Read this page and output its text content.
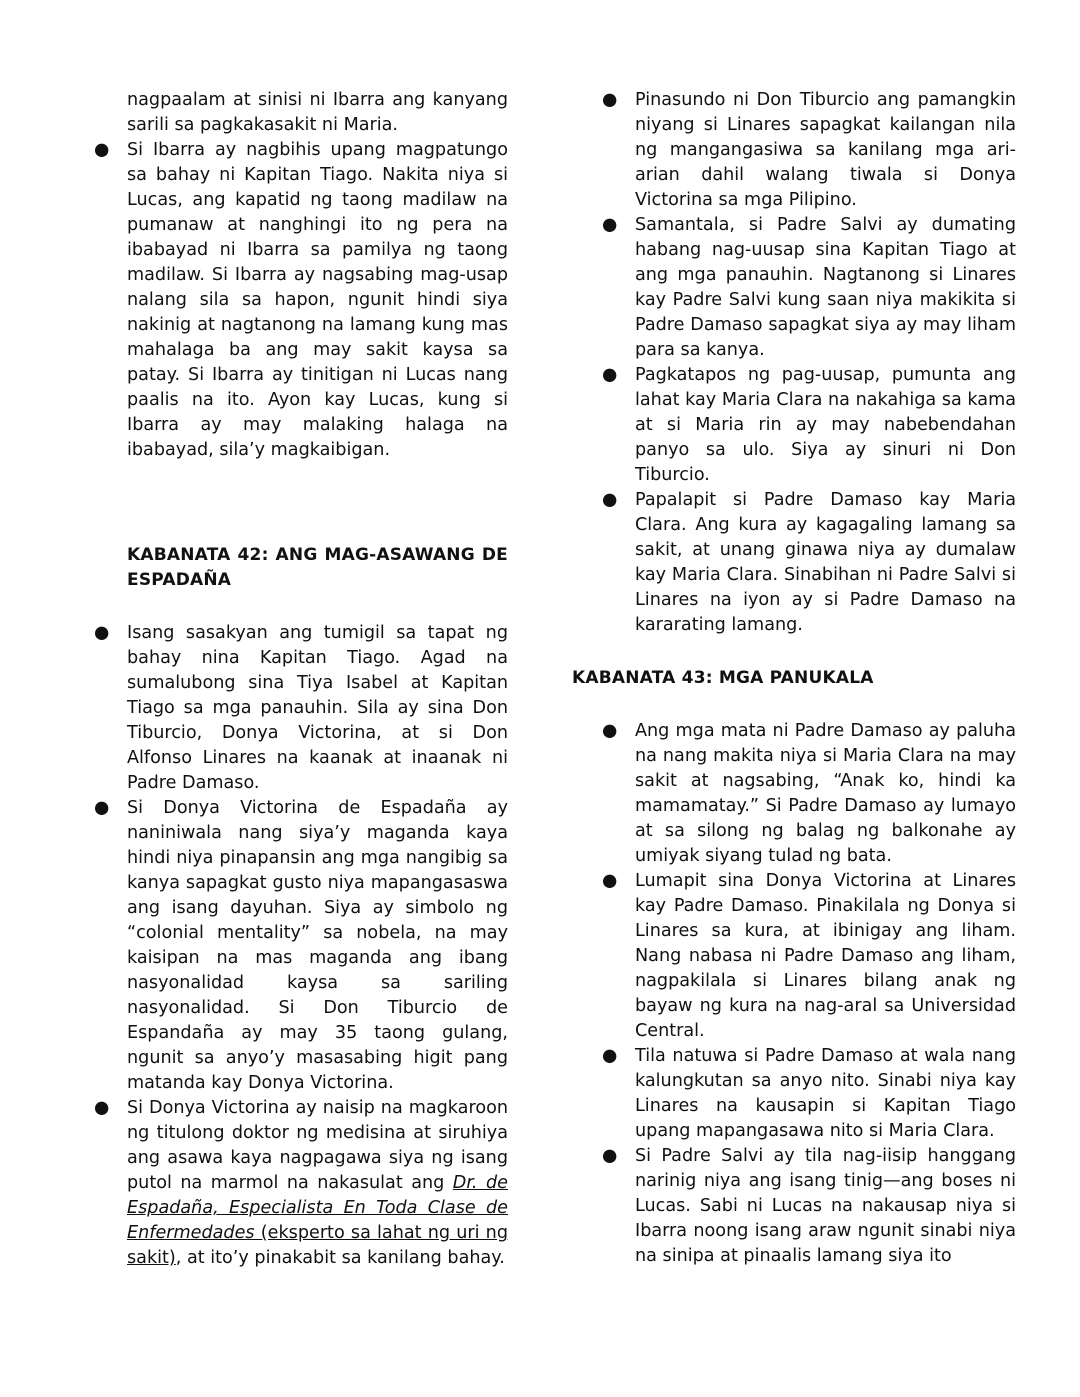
nagpaalam at sinisi ni Ibarra ang kanyang sarili sa pagkakasakit ni Maria.

● Si Ibarra ay nagbihis upang magpatungo sa bahay ni Kapitan Tiago. Nakita niya si Lucas, ang kapatid ng taong madilaw na pumanaw at nanghingi ito ng pera na ibabayad ni Ibarra sa pamilya ng taong madilaw. Si Ibarra ay nagsabing mag-usap nalang sila sa hapon, ngunit hindi siya nakinig at nagtanong na lamang kung mas mahalaga ba ang may sakit kaysa sa patay. Si Ibarra ay tinitigan ni Lucas nang paalis na ito. Ayon kay Lucas, kung si Ibarra ay may malaking halaga na ibabayad, sila’y magkaibigan.
KABANATA 42: ANG MAG-ASAWANG DE ESPADAÑA
● Isang sasakyan ang tumigil sa tapat ng bahay nina Kapitan Tiago. Agad na sumalubong sina Tiya Isabel at Kapitan Tiago sa mga panauhin. Sila ay sina Don Tiburcio, Donya Victorina, at si Don Alfonso Linares na kaanak at inaanak ni Padre Damaso.
● Si Donya Victorina de Espadaña ay naniniwala nang siya’y maganda kaya hindi niya pinapansin ang mga nangibig sa kanya sapagkat gusto niya mapangasaswa ang isang dayuhan. Siya ay simbolo ng “colonial mentality” sa nobela, na may kaisipan na mas maganda ang ibang nasyonalidad kaysa sa sariling nasyonalidad. Si Don Tiburcio de Espandaña ay may 35 taong gulang, ngunit sa anyo’y masasabing higit pang matanda kay Donya Victorina.
● Si Donya Victorina ay naisip na magkaroon ng titulong doktor ng medisina at siruhiya ang asawa kaya nagpagawa siya ng isang putol na marmol na nakasulat ang Dr. de Espadaña, Especialista En Toda Clase de Enfermedades (eksperto sa lahat ng uri ng sakit), at ito’y pinakabit sa kanilang bahay.
● Pinasundo ni Don Tiburcio ang pamangkin niyang si Linares sapagkat kailangan nila ng mangangasiwa sa kanilang mga ari-arian dahil walang tiwala si Donya Victorina sa mga Pilipino.
● Samantala, si Padre Salvi ay dumating habang nag-uusap sina Kapitan Tiago at ang mga panauhin. Nagtanong si Linares kay Padre Salvi kung saan niya makikita si Padre Damaso sapagkat siya ay may liham para sa kanya.
● Pagkatapos ng pag-uusap, pumunta ang lahat kay Maria Clara na nakahiga sa kama at si Maria rin ay may nabebendahan panyo sa ulo. Siya ay sinuri ni Don Tiburcio.
● Papalapit si Padre Damaso kay Maria Clara. Ang kura ay kagagaling lamang sa sakit, at unang ginawa niya ay dumalaw kay Maria Clara. Sinabihan ni Padre Salvi si Linares na iyon ay si Padre Damaso na kararating lamang.
KABANATA 43: MGA PANUKALA
● Ang mga mata ni Padre Damaso ay paluha na nang makita niya si Maria Clara na may sakit at nagsabing, “Anak ko, hindi ka mamamatay.” Si Padre Damaso ay lumayo at sa silong ng balag ng balkonahe ay umiyak siyang tulad ng bata.
● Lumapit sina Donya Victorina at Linares kay Padre Damaso. Pinakilala ng Donya si Linares sa kura, at ibinigay ang liham. Nang nabasa ni Padre Damaso ang liham, nagpakilala si Linares bilang anak ng bayaw ng kura na nag-aral sa Universidad Central.
● Tila natuwa si Padre Damaso at wala nang kalungkutan sa anyo nito. Sinabi niya kay Linares na kausapin si Kapitan Tiago upang mapangasawa nito si Maria Clara.
● Si Padre Salvi ay tila nag-iisip hanggang narinig niya ang isang tinig—ang boses ni Lucas. Sabi ni Lucas na nakausap niya si Ibarra noong isang araw ngunit sinabi niya na sinipa at pinaalis lamang siya ito
